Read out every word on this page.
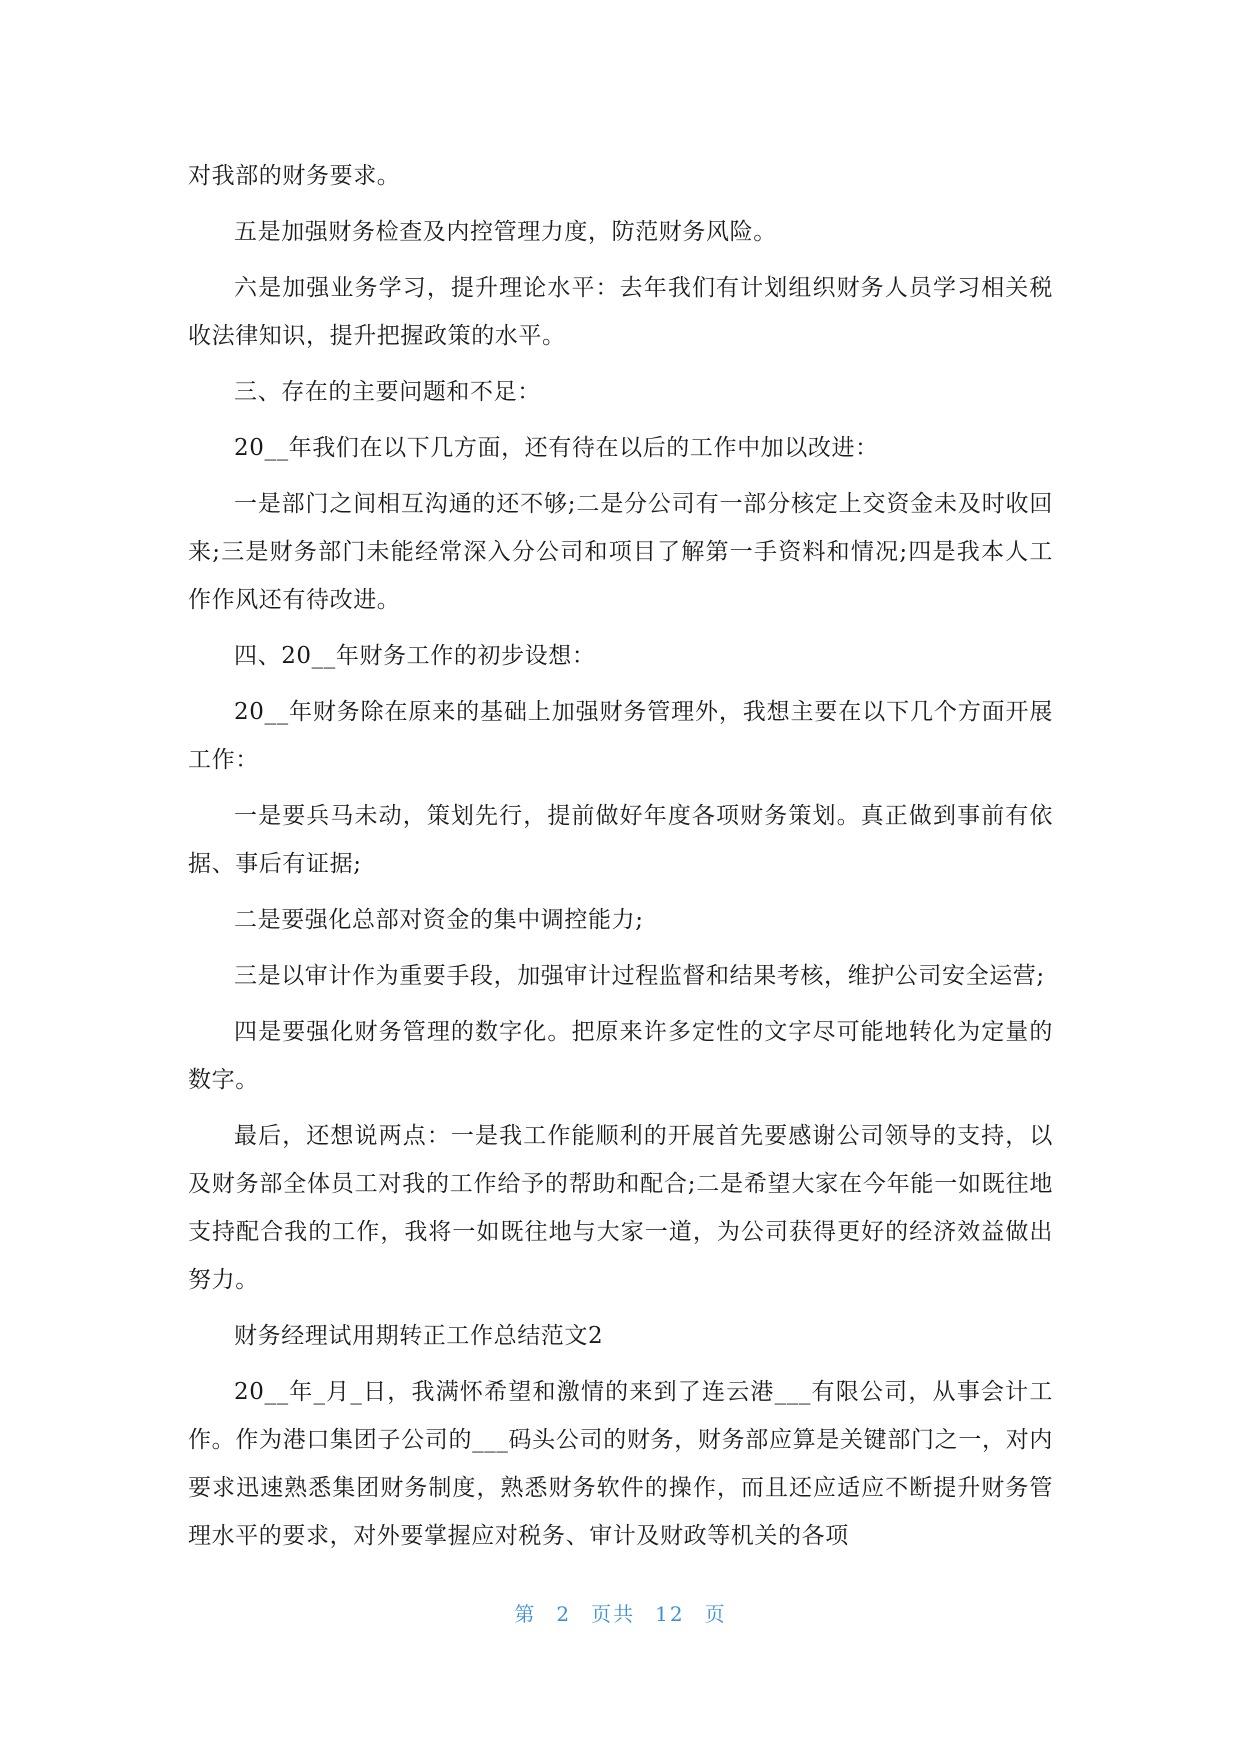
对我部的财务要求。

五是加强财务检查及内控管理力度，防范财务风险。

六是加强业务学习，提升理论水平：去年我们有计划组织财务人员学习相关税收法律知识，提升把握政策的水平。

三、存在的主要问题和不足：

20__年我们在以下几方面，还有待在以后的工作中加以改进：

一是部门之间相互沟通的还不够;二是分公司有一部分核定上交资金未及时收回来;三是财务部门未能经常深入分公司和项目了解第一手资料和情况;四是我本人工作作风还有待改进。

四、20__年财务工作的初步设想：

20__年财务除在原来的基础上加强财务管理外，我想主要在以下几个方面开展工作：

一是要兵马未动，策划先行，提前做好年度各项财务策划。真正做到事前有依据、事后有证据;

二是要强化总部对资金的集中调控能力;

三是以审计作为重要手段，加强审计过程监督和结果考核，维护公司安全运营;

四是要强化财务管理的数字化。把原来许多定性的文字尽可能地转化为定量的数字。

最后，还想说两点：一是我工作能顺利的开展首先要感谢公司领导的支持，以及财务部全体员工对我的工作给予的帮助和配合;二是希望大家在今年能一如既往地支持配合我的工作，我将一如既往地与大家一道，为公司获得更好的经济效益做出努力。

财务经理试用期转正工作总结范文2

20__年_月_日，我满怀希望和激情的来到了连云港___有限公司，从事会计工作。作为港口集团子公司的___码头公司的财务，财务部应算是关键部门之一，对内要求迅速熟悉集团财务制度，熟悉财务软件的操作，而且还应适应不断提升财务管理水平的要求，对外要掌握应对税务、审计及财政等机关的各项

第 2 页共 12 页
